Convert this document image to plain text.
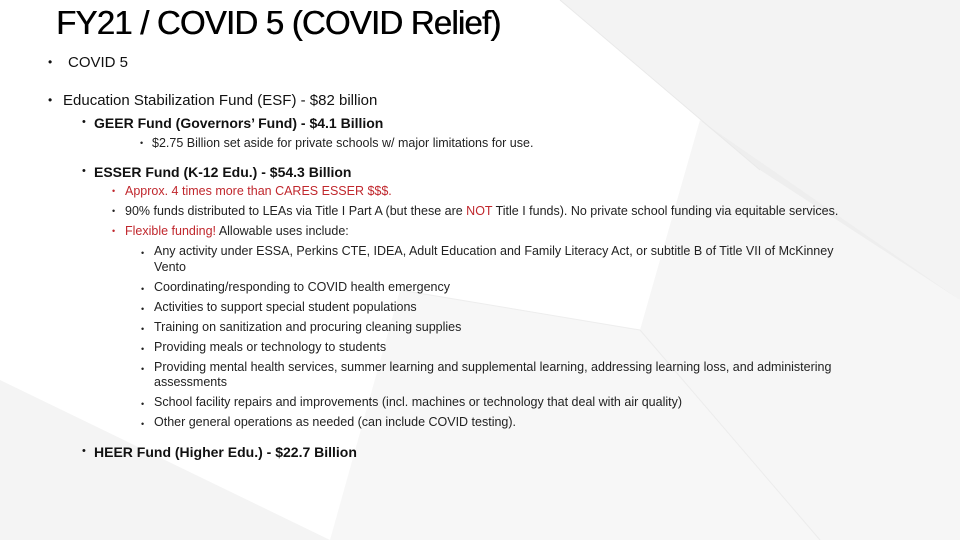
FY21 / COVID 5 (COVID Relief)
• COVID 5
• Education Stabilization Fund (ESF) - $82 billion
• GEER Fund (Governors’ Fund) - $4.1 Billion
• $2.75 Billion set aside for private schools w/ major limitations for use.
• ESSER Fund (K-12 Edu.) - $54.3 Billion
• Approx. 4 times more than CARES ESSER $$$.
• 90% funds distributed to LEAs via Title I Part A (but these are NOT Title I funds). No private school funding via equitable services.
• Flexible funding! Allowable uses include:
• Any activity under ESSA, Perkins CTE, IDEA, Adult Education and Family Literacy Act, or subtitle B of Title VII of McKinney
Vento
• Coordinating/responding to COVID health emergency
• Activities to support special student populations
• Training on sanitization and procuring cleaning supplies
• Providing meals or technology to students
• Providing mental health services, summer learning and supplemental learning, addressing learning loss, and administering
assessments
• School facility repairs and improvements (incl. machines or technology that deal with air quality)
• Other general operations as needed (can include COVID testing).
• HEER Fund (Higher Edu.) - $22.7 Billion
